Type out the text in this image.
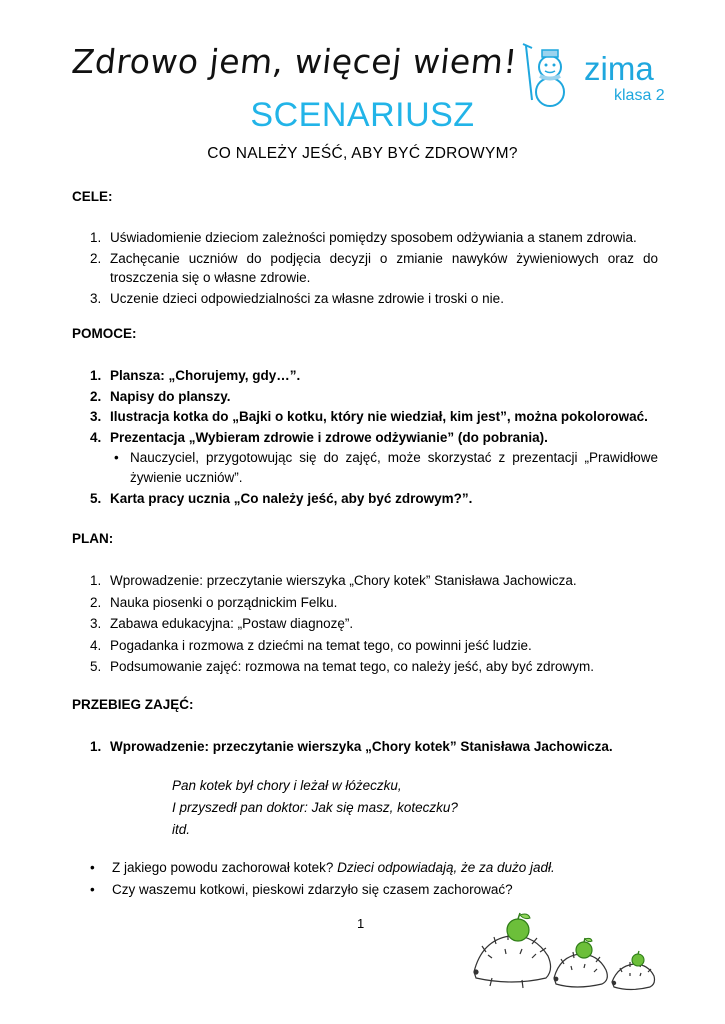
Zdrowo jem, więcej wiem! zima
klasa 2
SCENARIUSZ
CO NALEŻY JEŚĆ, ABY BYĆ ZDROWYM?
CELE:
1. Uświadomienie dzieciom zależności pomiędzy sposobem odżywiania a stanem zdrowia.
2. Zachęcanie uczniów do podjęcia decyzji o zmianie nawyków żywieniowych oraz do troszczenia się o własne zdrowie.
3. Uczenie dzieci odpowiedzialności za własne zdrowie i troski o nie.
POMOCE:
1. Plansza: „Chorujemy, gdy…”.
2. Napisy do planszy.
3. Ilustracja kotka do „Bajki o kotku, który nie wiedział, kim jest”, można pokolorować.
4. Prezentacja „Wybieram zdrowie i zdrowe odżywianie” (do pobrania).
• Nauczyciel, przygotowując się do zajęć, może skorzystać z prezentacji „Prawidłowe żywienie uczniów”.
5. Karta pracy ucznia „Co należy jeść, aby być zdrowym?”.
PLAN:
1. Wprowadzenie: przeczytanie wierszyka „Chory kotek” Stanisława Jachowicza.
2. Nauka piosenki o porządnickim Felku.
3. Zabawa edukacyjna: „Postaw diagnozę”.
4. Pogadanka i rozmowa z dziećmi na temat tego, co powinni jeść ludzie.
5. Podsumowanie zajęć: rozmowa na temat tego, co należy jeść, aby być zdrowym.
PRZEBIEG ZAJĘĆ:
1. Wprowadzenie: przeczytanie wierszyka „Chory kotek” Stanisława Jachowicza.
Pan kotek był chory i leżał w łóżeczku,
I przyszedł pan doktor: Jak się masz, koteczku?
itd.
• Z jakiego powodu zachorował kotek? Dzieci odpowiadają, że za dużo jadł.
• Czy waszemu kotkowi, pieskowi zdarzyło się czasem zachorować?
1
